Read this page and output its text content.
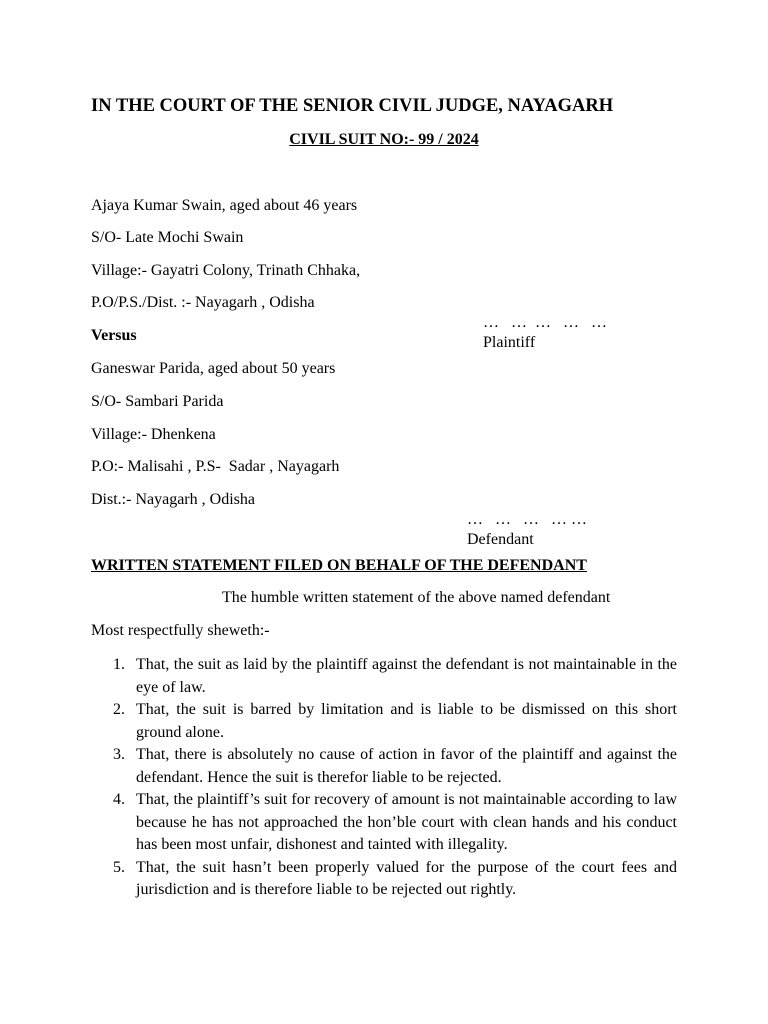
IN THE COURT OF THE SENIOR CIVIL JUDGE, NAYAGARH
CIVIL SUIT NO:- 99 / 2024
Ajaya Kumar Swain, aged about 46 years
S/O- Late Mochi Swain
Village:- Gayatri Colony, Trinath Chhaka,
P.O/P.S./Dist. :- Nayagarh , Odisha

…   …  …   …   …
Plaintiff

Versus
Ganeswar Parida, aged about 50 years
S/O- Sambari Parida
Village:- Dhenkena
P.O:- Malisahi , P.S-  Sadar , Nayagarh
Dist.:- Nayagarh , Odisha

…   …   …   … …
Defendant

WRITTEN STATEMENT FILED ON BEHALF OF THE DEFENDANT
The humble written statement of the above named defendant
Most respectfully sheweth:-
1. That, the suit as laid by the plaintiff against the defendant is not maintainable in the eye of law.
2. That, the suit is barred by limitation and is liable to be dismissed on this short ground alone.
3. That, there is absolutely no cause of action in favor of the plaintiff and against the defendant. Hence the suit is therefor liable to be rejected.
4. That, the plaintiff’s suit for recovery of amount is not maintainable according to law because he has not approached the hon’ble court with clean hands and his conduct has been most unfair, dishonest and tainted with illegality.
5. That, the suit hasn’t been properly valued for the purpose of the court fees and jurisdiction and is therefore liable to be rejected out rightly.
